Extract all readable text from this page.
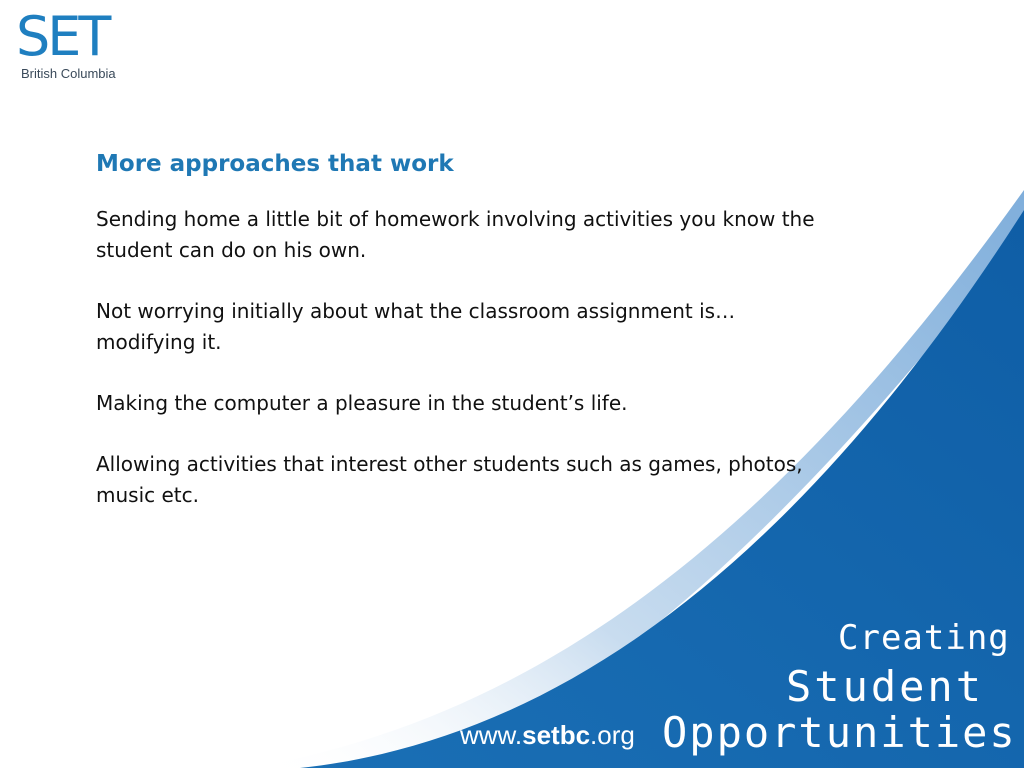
SET
British Columbia
More approaches that work

Sending home a little bit of homework involving activities you know the student can do on his own.

Not worrying initially about what the classroom assignment is…modifying it.

Making the computer a pleasure in the student’s life.

Allowing activities that interest other students such as games, photos, music etc.

Creating
Student
Opportunities
www.setbc.org
